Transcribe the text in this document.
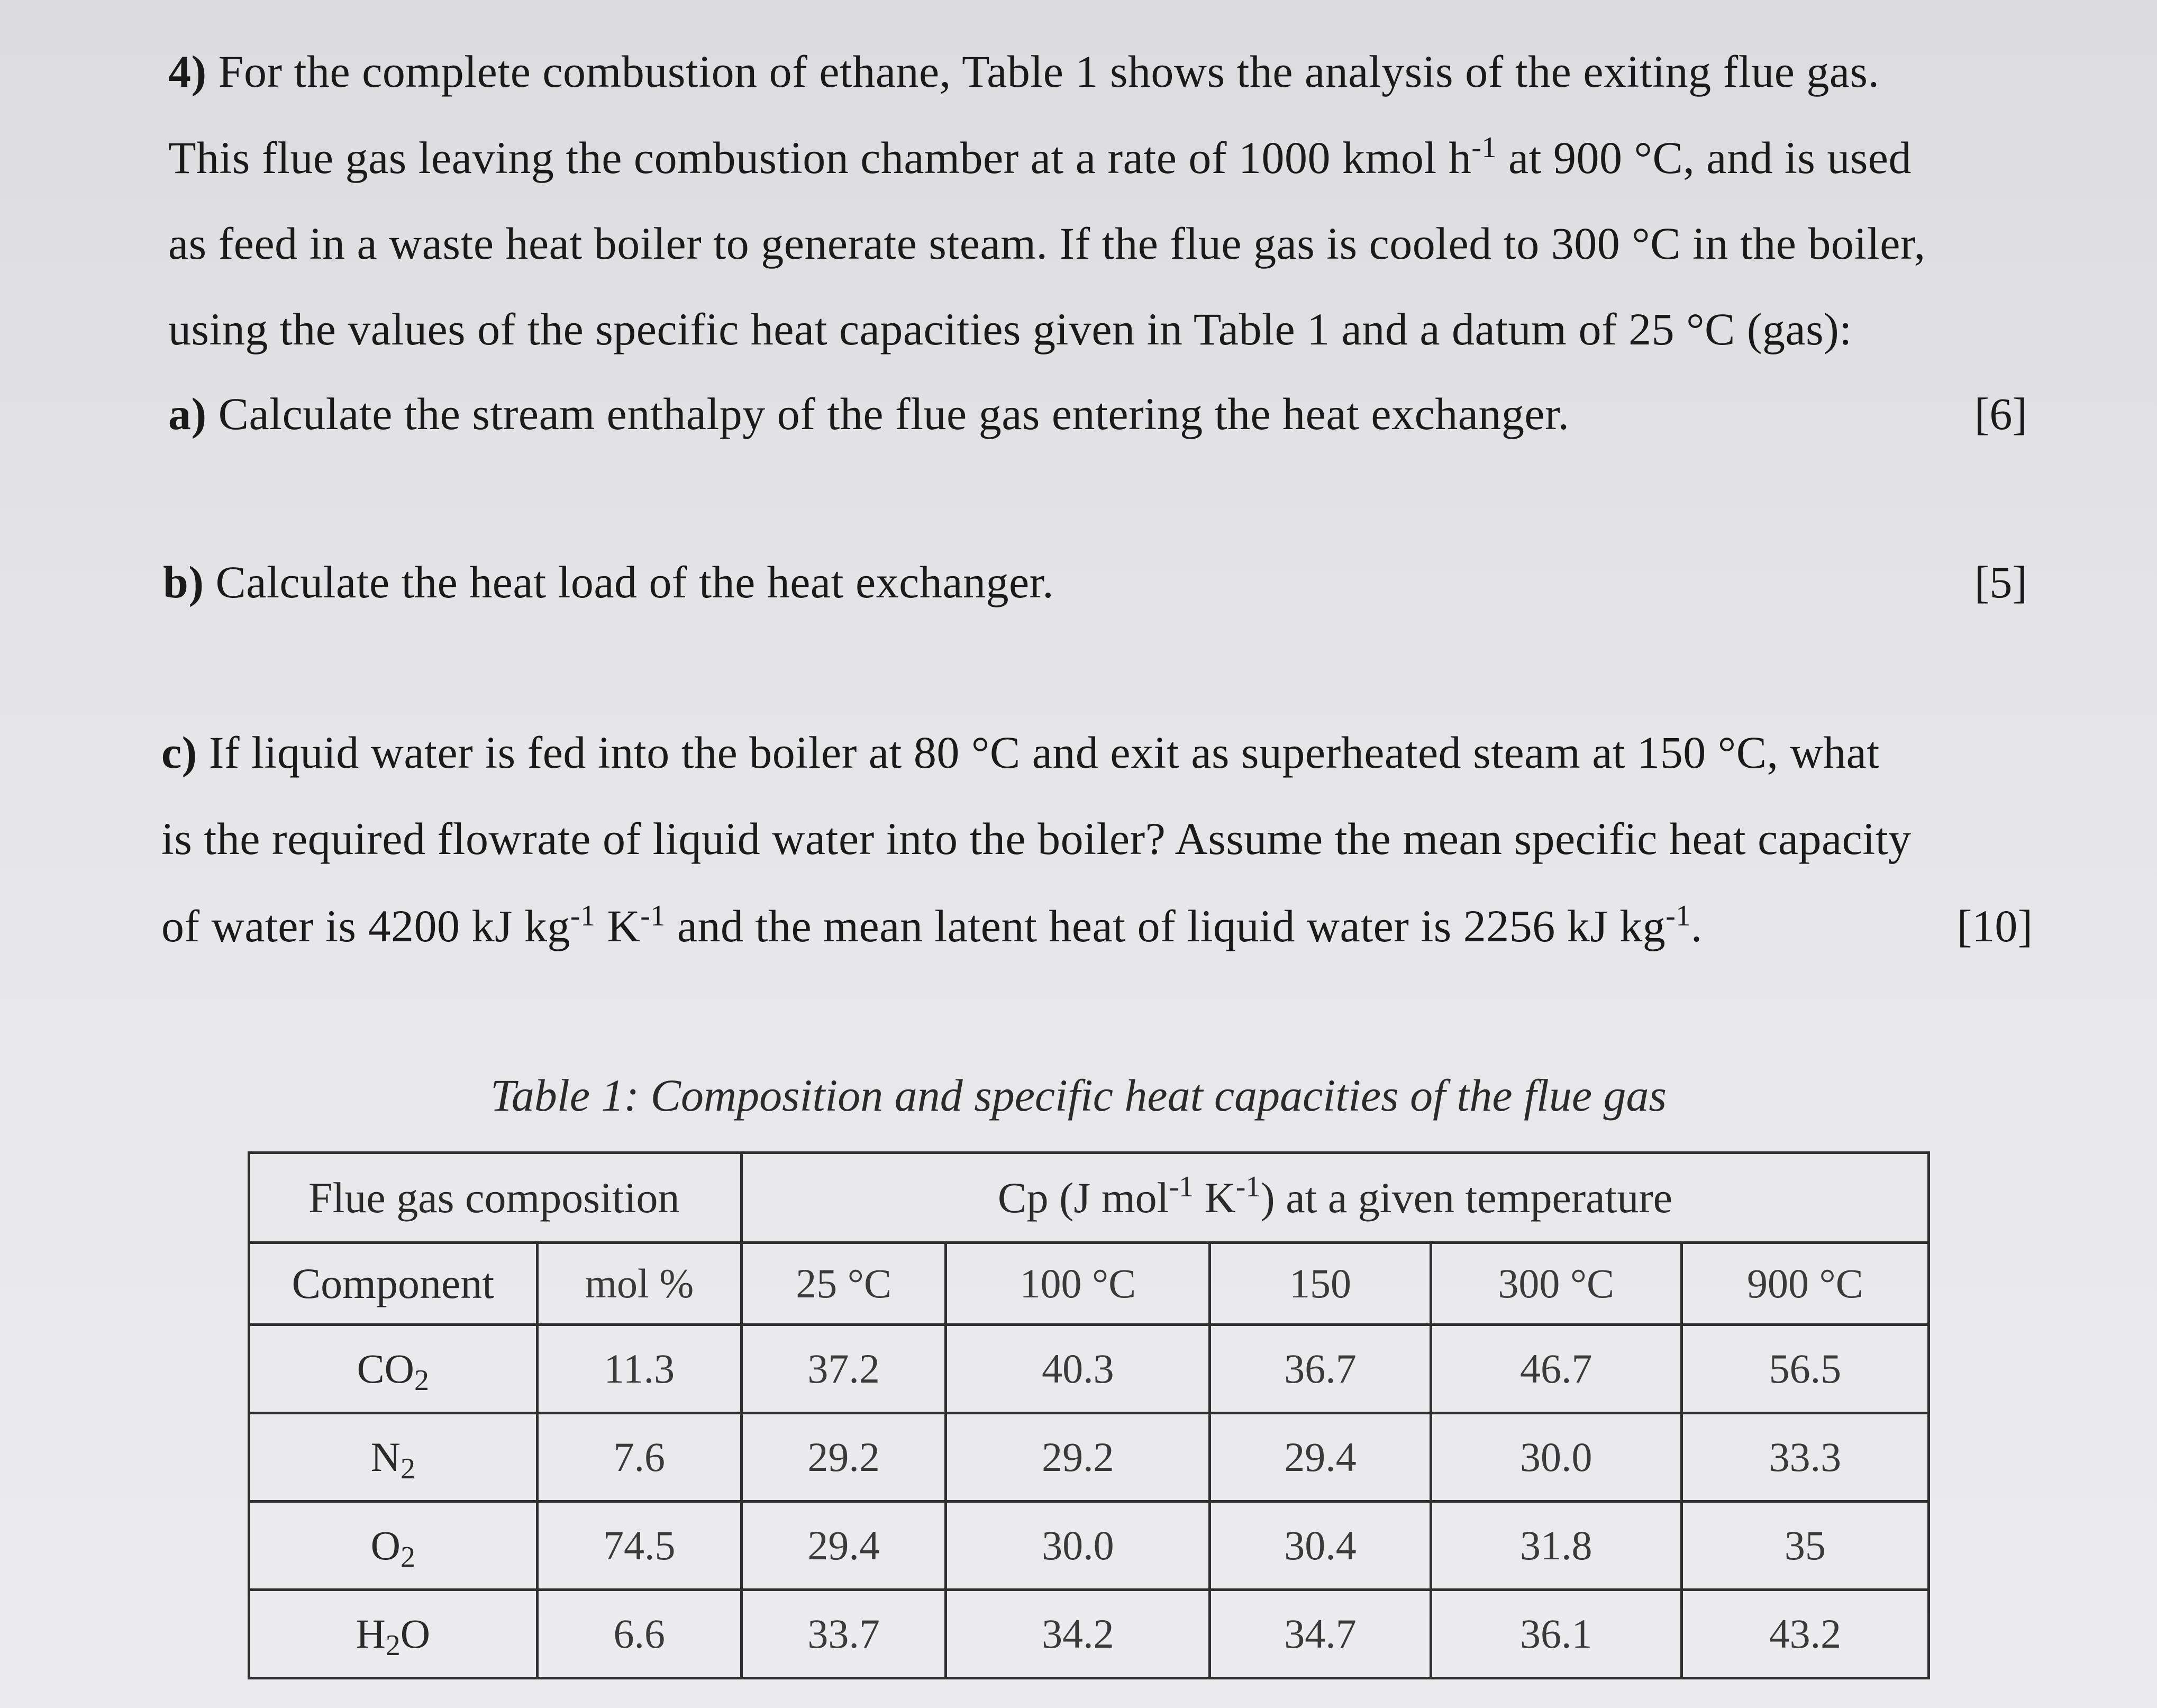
4) For the complete combustion of ethane, Table 1 shows the analysis of the exiting flue gas.
This flue gas leaving the combustion chamber at a rate of 1000 kmol $h^{-1}$ at 900 °C, and is used
as feed in a waste heat boiler to generate steam. If the flue gas is cooled to 300 °C in the boiler,
using the values of the specific heat capacities given in Table 1 and a datum of 25 °C (gas):
a) Calculate the stream enthalpy of the flue gas entering the heat exchanger.	[6]
b) Calculate the heat load of the heat exchanger.	[5]
c) If liquid water is fed into the boiler at 80 °C and exit as superheated steam at 150 °C, what
is the required flowrate of liquid water into the boiler? Assume the mean specific heat capacity
of water is 4200 kJ $kg^{-1}$ $K^{-1}$ and the mean latent heat of liquid water is 2256 kJ $kg^{-1}$.	[10]
Table 1: Composition and specific heat capacities of the flue gas
Flue gas composition		Cp (J mol$^{-1}$ $K^{-1}$) at a given temperature				
Component	mol %	25 °C	100 °C	150	300 °C	900 °C
$CO_2$	11.3	37.2	40.3	36.7	46.7	56.5
$N_2$	7.6	29.2	29.2	29.4	30.0	33.3
$O_2$	74.5	29.4	30.0	30.4	31.8	35
$H_2O$	6.6	33.7	34.2	34.7	36.1	43.2
